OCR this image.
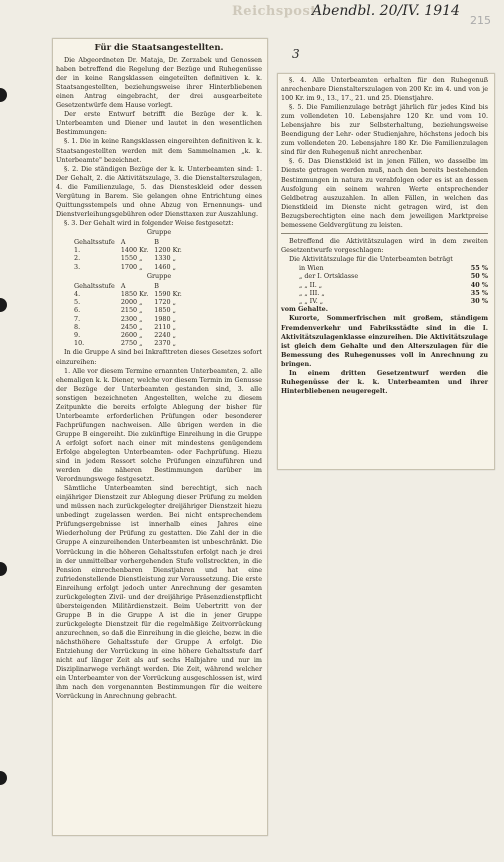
Reichspost
Abendbl. 20/IV. 1914
3
215

Für die Staatsangestellten.

Die Abgeordneten Dr. Mataja, Dr. Zerzabek und Genossen haben betreffend die Regelung der Bezüge und Ruhegenüsse der in keine Rangsklassen eingeteilten definitiven k. k. Staatsangestellten, beziehungsweise ihrer Hinterbliebenen einen Antrag eingebracht, der drei ausgearbeitete Gesetzentwürfe dem Hause vorlegt.

Der erste Entwurf betrifft die Bezüge der k. k. Unterbeamten und Diener und lautet in den wesentlichen Bestimmungen:

§. 1. Die in keine Rangsklassen eingereihten definitiven k. k. Staatsangestellten werden mit dem Sammelnamen „k. k. Unterbeamte" bezeichnet.

§. 2. Die ständigen Bezüge der k. k. Unterbeamten sind: 1. Der Gehalt, 2. die Aktivitätszulage, 3. die Dienstalterszulagen, 4. die Familienzulage, 5. das Diensteskleid oder dessen Vergütung in Barem. Sie gelangen ohne Entrichtung eines Quittungsstempels und ohne Abzug von Ernennungs- und Dienstverleihungsgebühren oder Diensttaxen zur Auszahlung.

§. 3. Der Gehalt wird in folgender Weise festgesetzt:

Gruppe

Gehaltsstufe	A	B
1.	1400 Kr.	1200 Kr.
2.	1550 „	1330 „
3.	1700 „	1460 „

Gruppe

Gehaltsstufe	A	B
4.	1850 Kr.	1590 Kr.
5.	2000 „	1720 „
6.	2150 „	1850 „
7.	2300 „	1980 „
8.	2450 „	2110 „
9.	2600 „	2240 „
10.	2750 „	2370 „

In die Gruppe A sind bei Inkrafttreten dieses Gesetzes sofort einzureihen:

1. Alle vor diesem Termine ernannten Unterbeamten, 2. alle ehemaligen k. k. Diener, welche vor diesem Termin im Genusse der Bezüge der Unterbeamten gestanden sind, 3. alle sonstigen bezeichneten Angestellten, welche zu diesem Zeitpunkte die bereits erfolgte Ablegung der bisher für Unterbeamte erforderlichen Prüfungen oder besonderer Fachprüfungen nachweisen. Alle übrigen werden in die Gruppe B eingereiht. Die zukünftige Einreihung in die Gruppe A erfolgt sofort nach einer mit mindestens genügendem Erfolge abgelegten Unterbeamten- oder Fachprüfung. Hiezu sind in jedem Ressort solche Prüfungen einzuführen und werden die näheren Bestimmungen darüber im Verordnungswege festgesetzt.

Sämtliche Unterbeamten sind berechtigt, sich nach einjähriger Dienstzeit zur Ablegung dieser Prüfung zu melden und müssen nach zurückgelegter dreijähriger Dienstzeit hiezu unbedingt zugelassen werden. Bei nicht entsprechendem Prüfungsergebnisse ist innerhalb eines Jahres eine Wiederholung der Prüfung zu gestatten. Die Zahl der in die Gruppe A einzureihenden Unterbeamten ist unbeschränkt. Die Vorrückung in die höheren Gehaltsstufen erfolgt nach je drei in der unmittelbar vorhergehenden Stufe vollstreckten, in die Pension einrechenbaren Dienstjahren und hat eine zufriedenstellende Dienstleistung zur Voraussetzung. Die erste Einreihung erfolgt jedoch unter Anrechnung der gesamten zurückgelegten Zivil- und der dreijährige Präsenzdienstpflicht übersteigenden Militärdienstzeit. Beim Uebertritt von der Gruppe B in die Gruppe A ist die in jener Gruppe zurückgelegte Dienstzeit für die regelmäßige Zeitvorrückung anzurechnen, so daß die Einreihung in die gleiche, bezw. in die nächsthöhere Gehaltsstufe der Gruppe A erfolgt. Die Entziehung der Vorrückung in eine höhere Gehaltsstufe darf nicht auf länger Zeit als auf sechs Halbjahre und nur im Disziplinarwege verhängt werden. Die Zeit, während welcher ein Unterbeamter von der Vorrückung ausgeschlossen ist, wird ihm nach den vorgenannten Bestimmungen für die weitere Vorrückung in Anrechnung gebracht.

§. 4. Alle Unterbeamten erhalten für den Ruhegenuß anrechenbare Dienstalterszulagen von 200 Kr. im 4. und von je 100 Kr. im 9., 13., 17., 21. und 25. Dienstjahre.

§. 5. Die Familienzulage beträgt jährlich für jedes Kind bis zum vollendeten 10. Lebensjahre 120 Kr. und vom 10. Lebensjahre bis zur Selbsterhaltung, beziehungsweise Beendigung der Lehr- oder Studienjahre, höchstens jedoch bis zum vollendeten 20. Lebensjahre 180 Kr. Die Familienzulagen sind für den Ruhegenuß nicht anrechenbar.

§. 6. Das Dienstkleid ist in jenen Fällen, wo dasselbe im Dienste getragen werden muß, nach den bereits bestehenden Bestimmungen in natura zu verabfolgen oder es ist an dessen Ausfolgung ein seinem wahren Werte entsprechender Geldbetrag auszuzahlen. In allen Fällen, in welchen das Dienstkleid im Dienste nicht getragen wird, ist den Bezugsberechtigten eine nach dem jeweiligen Marktpreise bemessene Geldvergütung zu leisten.

Betreffend die Aktivitätszulagen wird in dem zweiten Gesetzentwurfe vorgeschlagen:

Die Aktivitätszulage für die Unterbeamten beträgt

in Wien	55 %
„ der I. Ortsklasse	50 %
„ „ II. „	40 %
„ „ III. „	35 %
„ „ IV. „	30 %

vom Gehalte.

Kurorte, Sommerfrischen mit großem, ständigem Fremdenverkehr und Fabriksstädte sind in die I. Aktivitätszulagenklasse einzureihen. Die Aktivitätszulage ist gleich dem Gehalte und den Alterszulagen für die Bemessung des Ruhegenusses voll in Anrechnung zu bringen.

In einem dritten Gesetzentwurf werden die Ruhegenüsse der k. k. Unterbeamten und ihrer Hinterbliebenen neugeregelt.
